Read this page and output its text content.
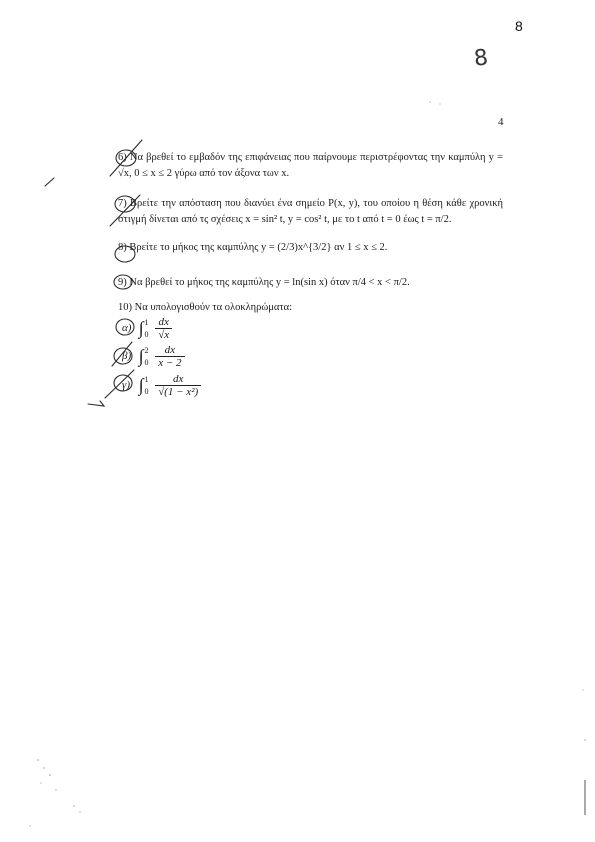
8
8
4
6) Να βρεθεί το εμβαδόν της επιφάνειας που παίρνουμε περιστρέφοντας την καμπύλη y = √x, 0 ≤ x ≤ 2 γύρω από τον άξονα των x.
7) Βρείτε την απόσταση που διανύει ένα σημείο P(x, y), του οποίου η θέση κάθε χρονική στιγμή δίνεται από τς σχέσεις x = sin² t, y = cos² t, με το t από t = 0 έως t = π/2.
8) Βρείτε το μήκος της καμπύλης y = (2/3)x^{3/2} αν 1 ≤ x ≤ 2.
9) Να βρεθεί το μήκος της καμπύλης y = ln(sin x) όταν π/4 < x < π/2.
10) Να υπολογισθούν τα ολοκληρώματα:
α) ∫ 1
$0 \frac{dx}{√x}$
β) ∫ 2
$0 \frac{dx}{x - 2}$
γ) ∫ 1
$0 \frac{dx}{\text{√(1 − x²)}}$
